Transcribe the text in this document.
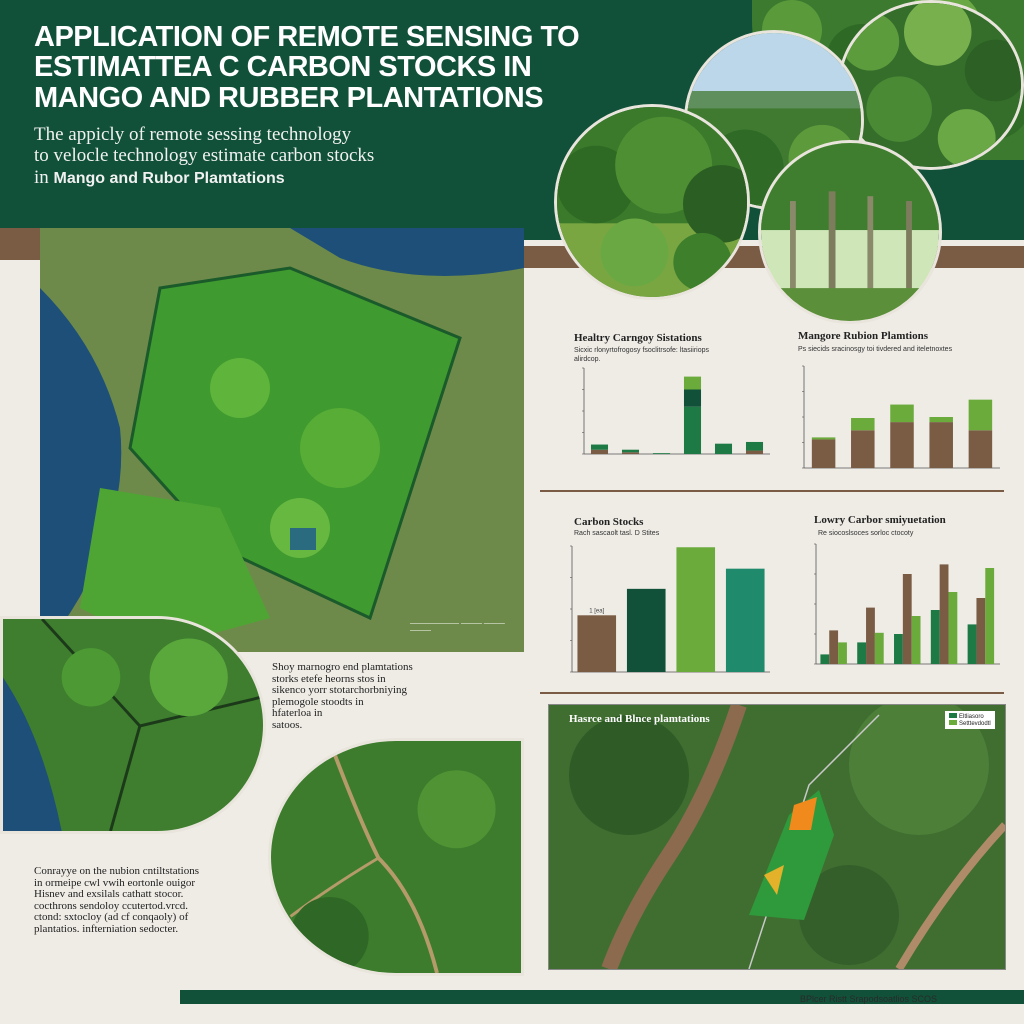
APPLICATION OF REMOTE SENSING TO
ESTIMATTEA C CARBON STOCKS IN
MANGO AND RUBBER PLANTATIONS
The appicly of remote sessing technology
to velocle technology estimate carbon stocks
in Mango and Rubor Plamtations
——————— ——— ——— ———
Shoy marnogro end plamtations
storks etefe heorns stos in
sikenco yorr stotarchorbniying
plemogole stoodts in
hfaterloa in
satoos.
Conrayye on the nubion cntiltstations
in ormeipe cwl vwih eortonle ouigor
Hisnev and exsilals cathatt stocor.
cocthrons sendoloy ccutertod.vrcd.
ctond: sxtocloy (ad cf conqaoly) of
plantatios. infterniation sedocter.
Healtry Carngoy Sistations
Sicxic rlonyrtofrogosy fsoclitrsofe: ltasiiriops
alirdcop.
Mangore Rubion Plamtions
Ps siecids sracinosgy toi tivdered and iteletnoxtes
Carbon Stocks
Rach sascaolt tasl. D Stites
1 [ea]
Lowry Carbor smiyuetation
Re siocoslsoces sorloc ctocoty
Hasrce and Blnce plamtations	Eltliasoro
Setttevdodtl
BPlcer Ristt Srapodsoatlios SCOS
